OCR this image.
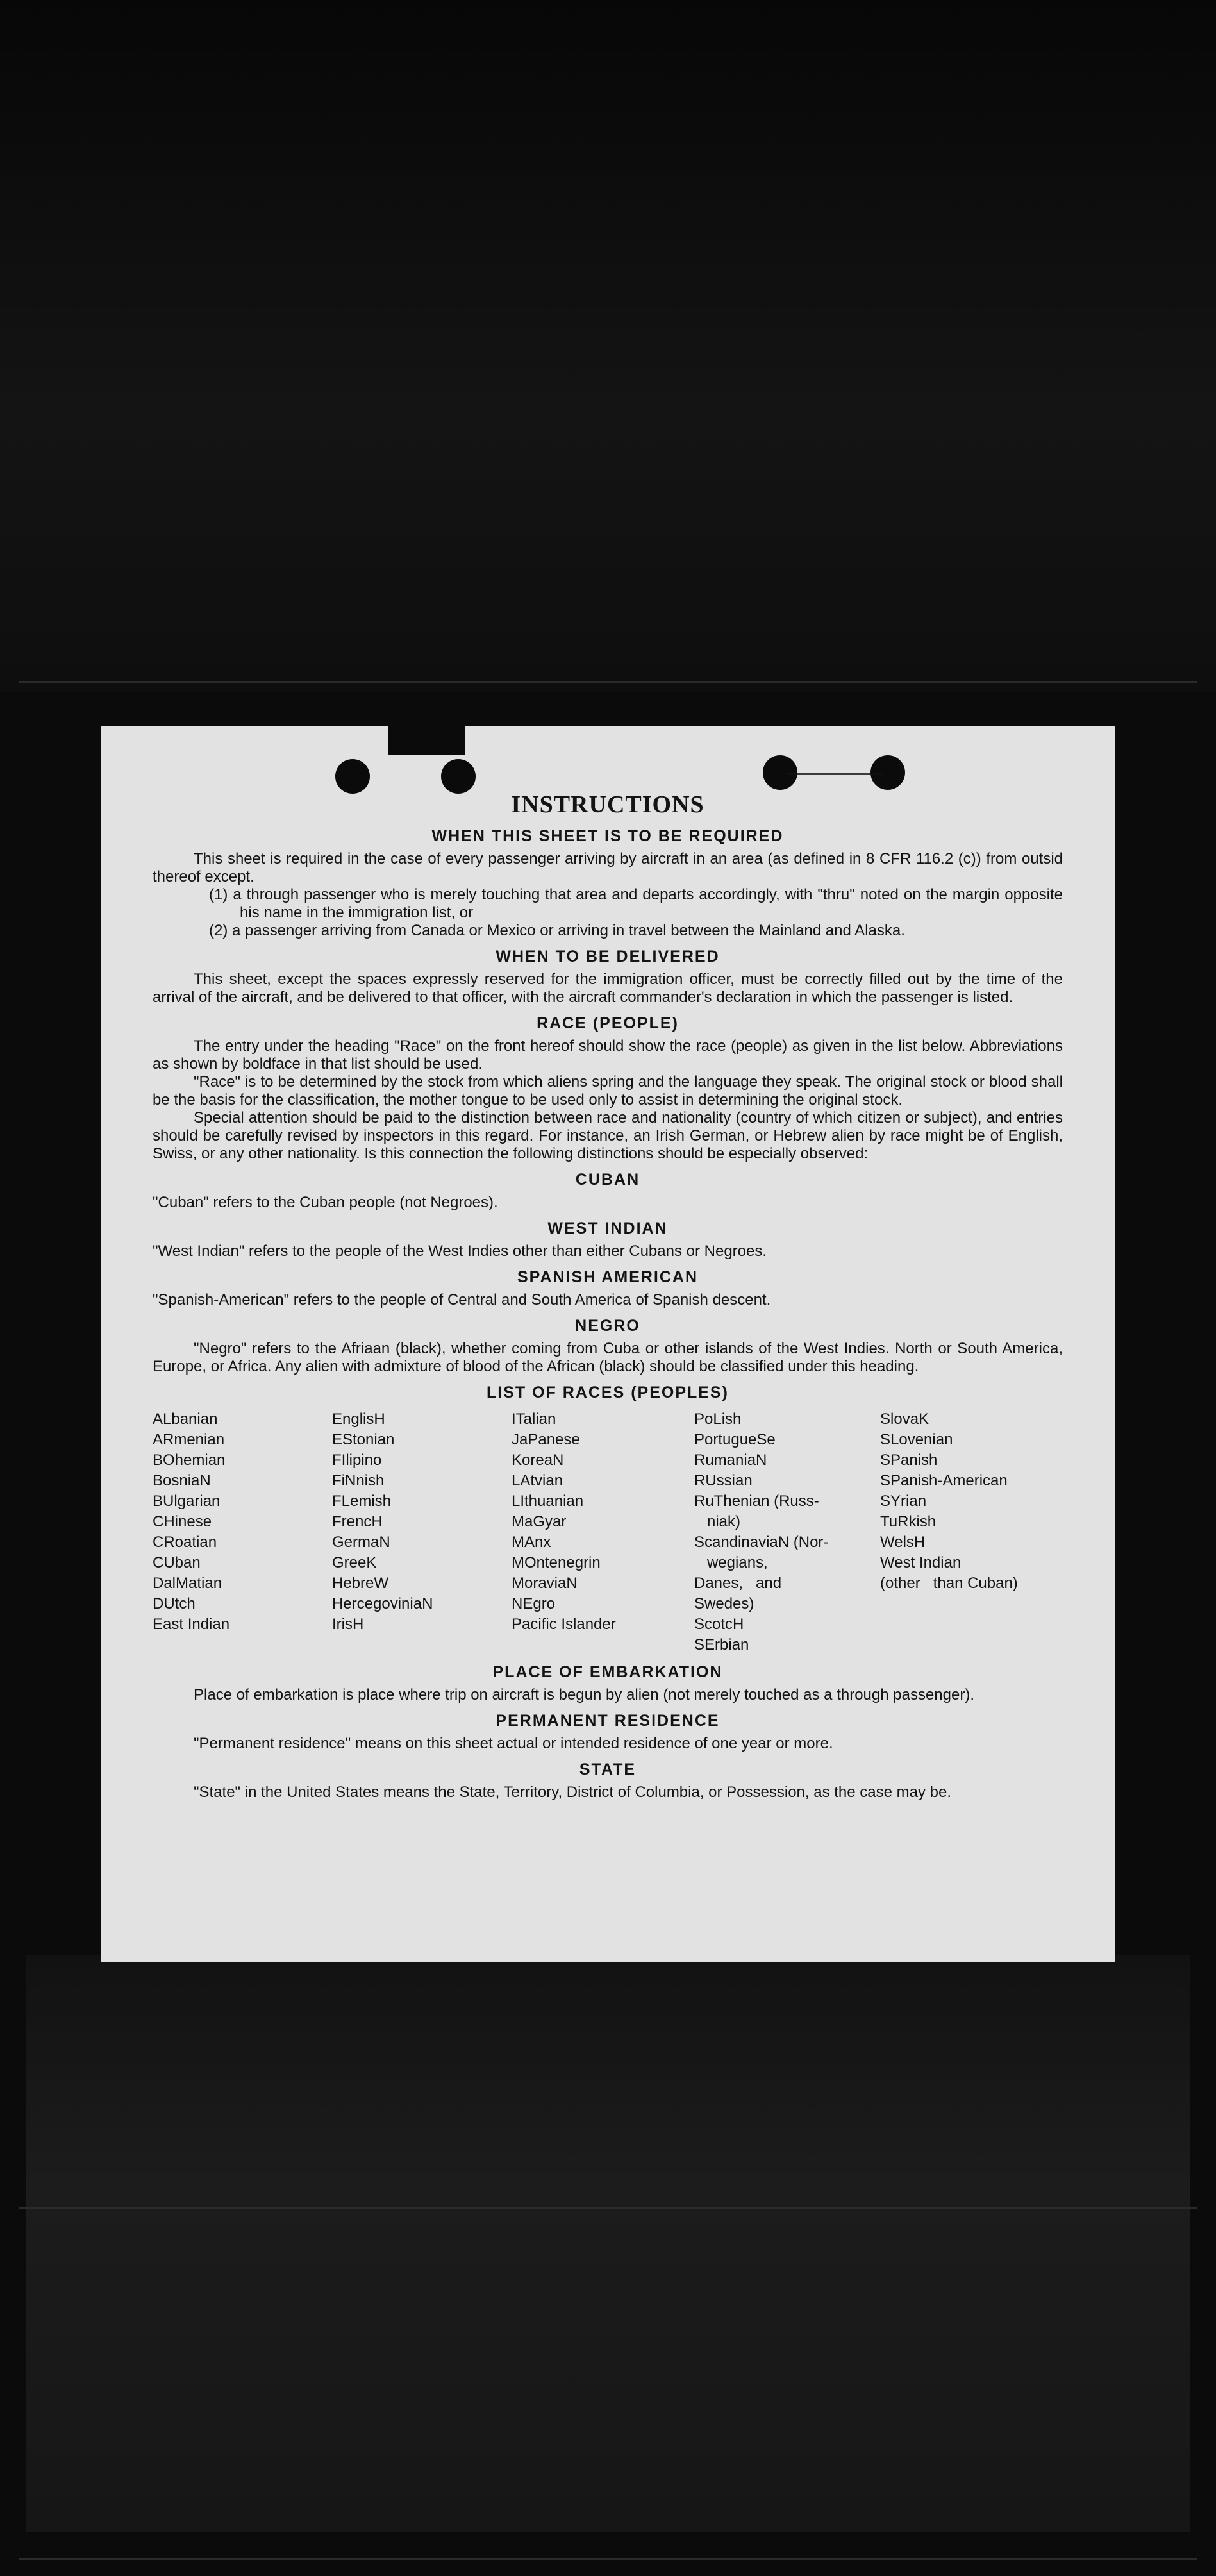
INSTRUCTIONS
WHEN THIS SHEET IS TO BE REQUIRED

This sheet is required in the case of every passenger arriving by aircraft in an area (as defined in 8 CFR 116.2 (c)) from outsid thereof except.

(1) a through passenger who is merely touching that area and departs accordingly, with "thru" noted on the margin opposite his name in the immigration list, or

(2) a passenger arriving from Canada or Mexico or arriving in travel between the Mainland and Alaska.

WHEN TO BE DELIVERED

This sheet, except the spaces expressly reserved for the immigration officer, must be correctly filled out by the time of the arrival of the aircraft, and be delivered to that officer, with the aircraft commander's declaration in which the passenger is listed.

RACE (PEOPLE)

The entry under the heading "Race" on the front hereof should show the race (people) as given in the list below. Abbreviations as shown by boldface in that list should be used.

"Race" is to be determined by the stock from which aliens spring and the language they speak. The original stock or blood shall be the basis for the classification, the mother tongue to be used only to assist in determining the original stock.

Special attention should be paid to the distinction between race and nationality (country of which citizen or subject), and entries should be carefully revised by inspectors in this regard. For instance, an Irish German, or Hebrew alien by race might be of English, Swiss, or any other nationality. Is this connection the following distinctions should be especially observed:

CUBAN

"Cuban" refers to the Cuban people (not Negroes).

WEST INDIAN

"West Indian" refers to the people of the West Indies other than either Cubans or Negroes.

SPANISH AMERICAN

"Spanish-American" refers to the people of Central and South America of Spanish descent.

NEGRO

"Negro" refers to the Afriaan (black), whether coming from Cuba or other islands of the West Indies. North or South America, Europe, or Africa. Any alien with admixture of blood of the African (black) should be classified under this heading.

LIST OF RACES (PEOPLES)
ALbanian
ARmenian
BOhemian
BosniaN
BUlgarian
CHinese
CRoatian
CUban
DalMatian
DUtch
East Indian
EnglisH
EStonian
FIlipino
FiNnish
FLemish
FrencH
GermaN
GreeK
HebreW
HercegoviniaN
IrisH
ITalian
JaPanese
KoreaN
LAtvian
LIthuanian
MaGyar
MAnx
MOntenegrin
MoraviaN
NEgro
Pacific Islander
PoLish
PortugueSe
RumaniaN
RUssian
RuThenian (Russ-   niak)
ScandinaviaN (Nor-   wegians, Danes,   and Swedes)
ScotcH
SErbian
SlovaK
SLovenian
SPanish
SPanish-American
SYrian
TuRkish
WelsH
West Indian (other   than Cuban)
PLACE OF EMBARKATION

Place of embarkation is place where trip on aircraft is begun by alien (not merely touched as a through passenger).

PERMANENT RESIDENCE

"Permanent residence" means on this sheet actual or intended residence of one year or more.

STATE

"State" in the United States means the State, Territory, District of Columbia, or Possession, as the case may be.
